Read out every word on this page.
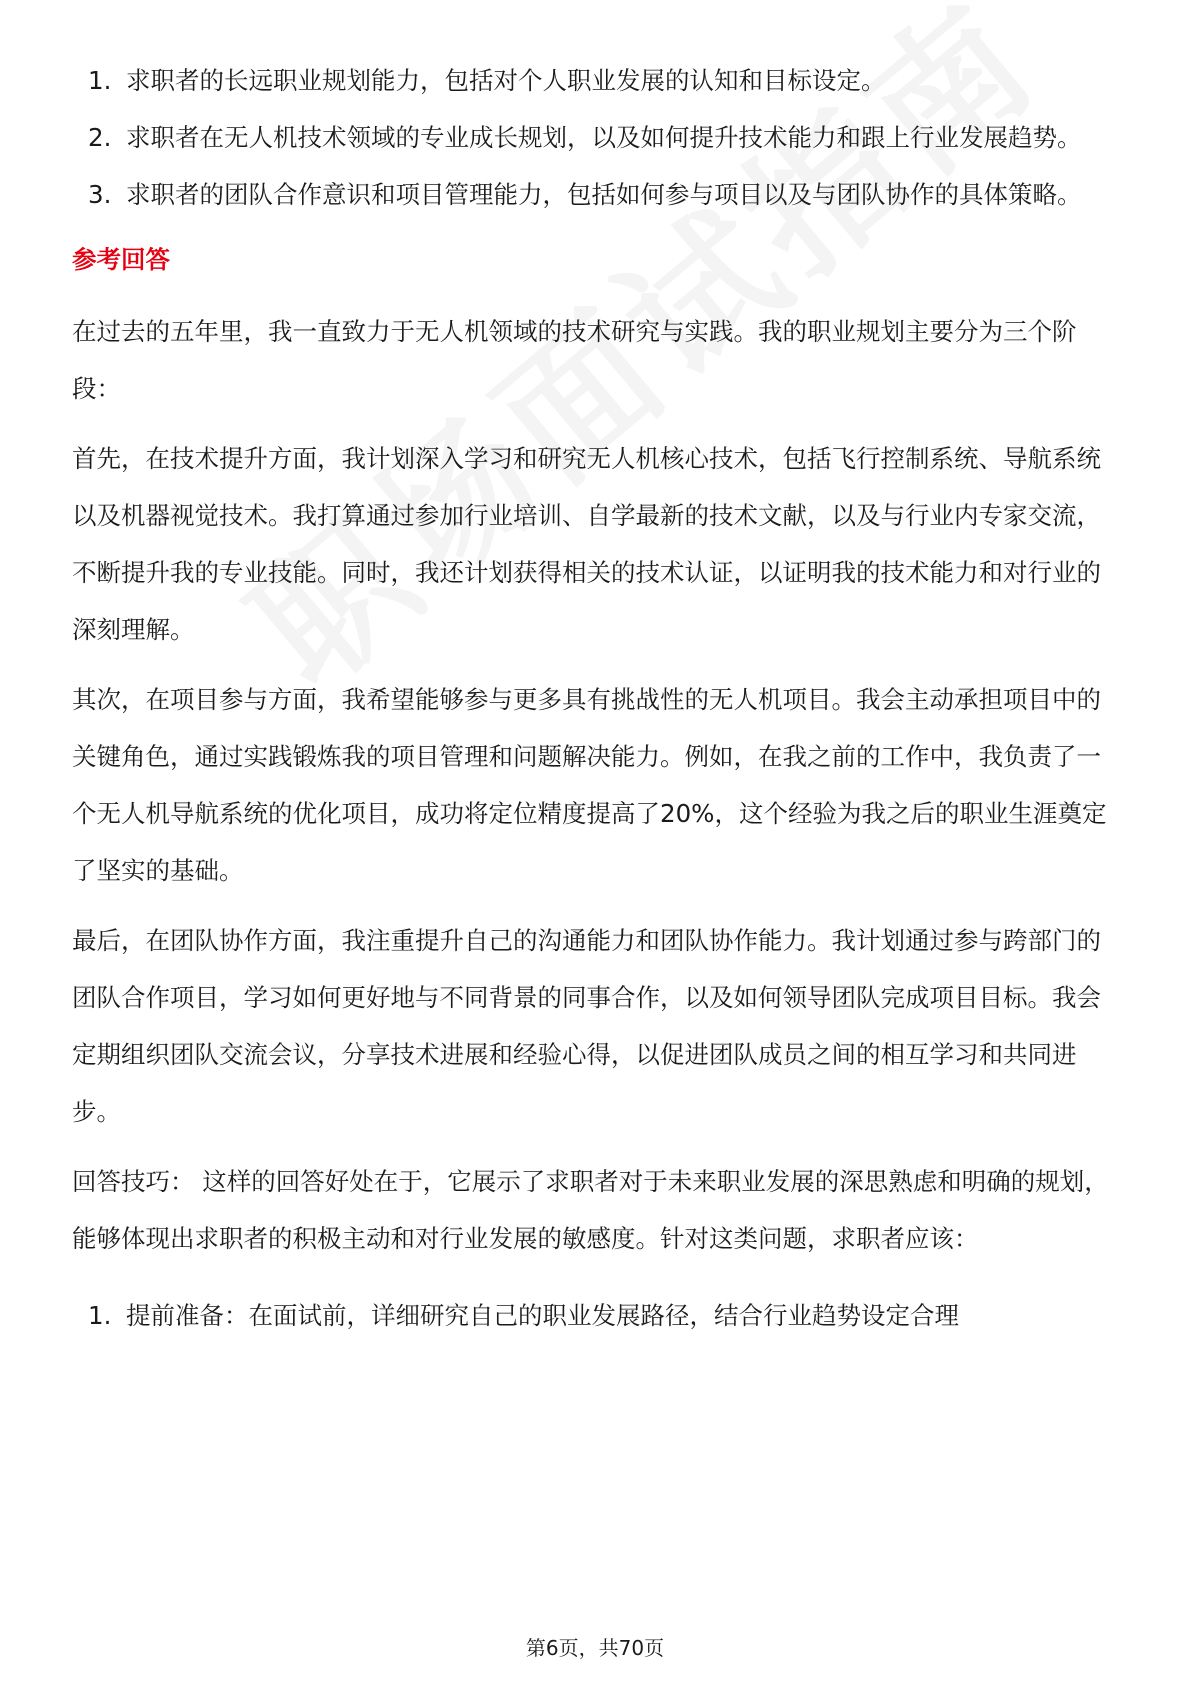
1. 求职者的长远职业规划能力，包括对个人职业发展的认知和目标设定。
2. 求职者在无人机技术领域的专业成长规划，以及如何提升技术能力和跟上行业发展趋势。
3. 求职者的团队合作意识和项目管理能力，包括如何参与项目以及与团队协作的具体策略。
参考回答

在过去的五年里，我一直致力于无人机领域的技术研究与实践。我的职业规划主要分为三个阶段：

首先，在技术提升方面，我计划深入学习和研究无人机核心技术，包括飞行控制系统、导航系统以及机器视觉技术。我打算通过参加行业培训、自学最新的技术文献，以及与行业内专家交流，不断提升我的专业技能。同时，我还计划获得相关的技术认证，以证明我的技术能力和对行业的深刻理解。

其次，在项目参与方面，我希望能够参与更多具有挑战性的无人机项目。我会主动承担项目中的关键角色，通过实践锻炼我的项目管理和问题解决能力。例如，在我之前的工作中，我负责了一个无人机导航系统的优化项目，成功将定位精度提高了20%，这个经验为我之后的职业生涯奠定了坚实的基础。

最后，在团队协作方面，我注重提升自己的沟通能力和团队协作能力。我计划通过参与跨部门的团队合作项目，学习如何更好地与不同背景的同事合作，以及如何领导团队完成项目目标。我会定期组织团队交流会议，分享技术进展和经验心得，以促进团队成员之间的相互学习和共同进步。

回答技巧： 这样的回答好处在于，它展示了求职者对于未来职业发展的深思熟虑和明确的规划，能够体现出求职者的积极主动和对行业发展的敏感度。针对这类问题，求职者应该：

1. 提前准备：在面试前，详细研究自己的职业发展路径，结合行业趋势设定合理
第6页，共70页
